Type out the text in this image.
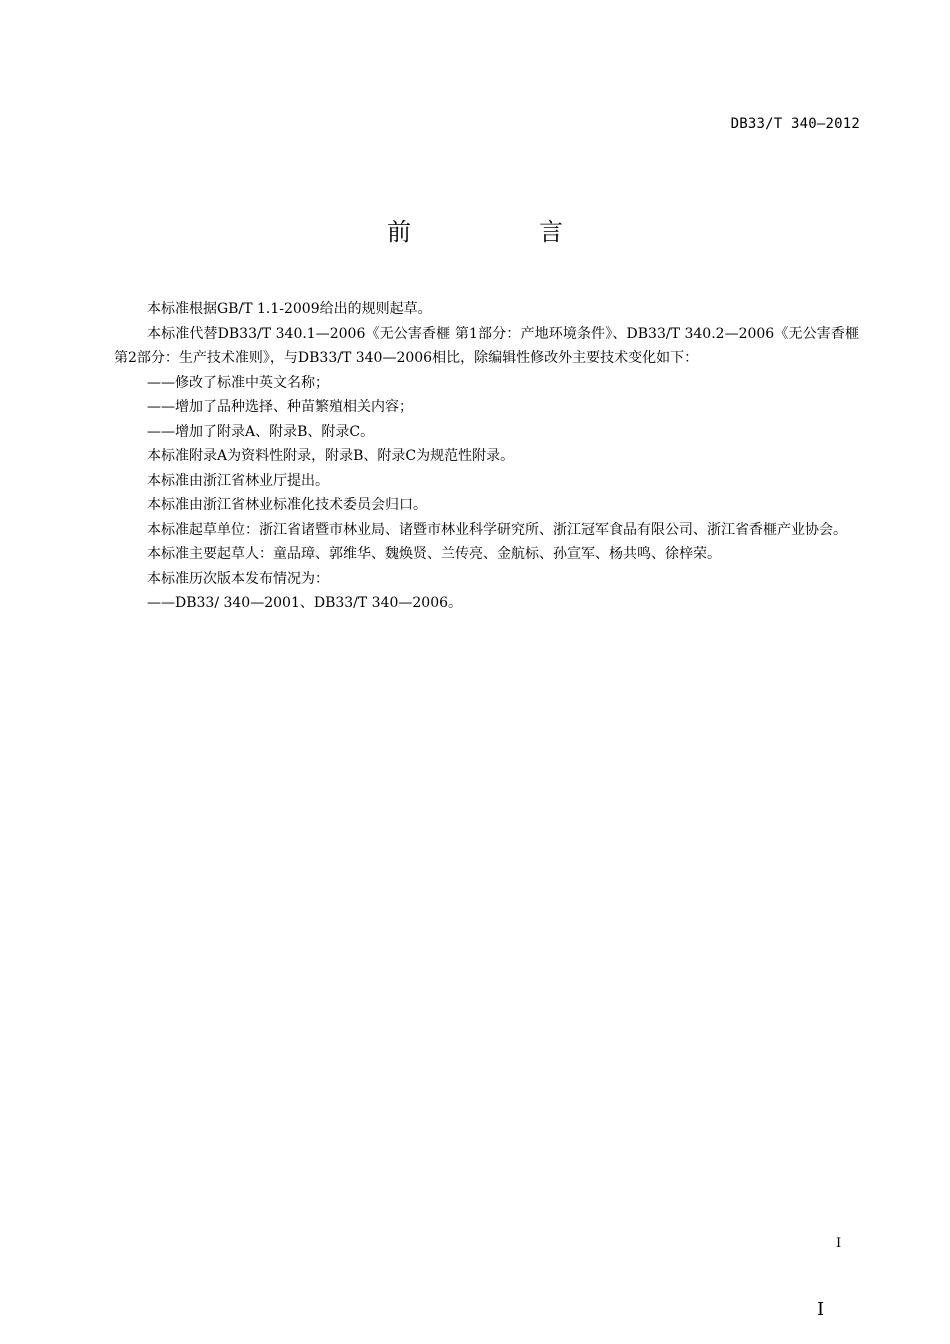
DB33/T 340—2012
前　言

本标准根据GB/T 1.1-2009给出的规则起草。

本标准代替DB33/T 340.1—2006《无公害香榧 第1部分：产地环境条件》、DB33/T 340.2—2006《无公害香榧 第2部分：生产技术准则》，与DB33/T 340—2006相比，除编辑性修改外主要技术变化如下：

——修改了标准中英文名称；

——增加了品种选择、种苗繁殖相关内容；

——增加了附录A、附录B、附录C。

本标准附录A为资料性附录，附录B、附录C为规范性附录。

本标准由浙江省林业厅提出。

本标准由浙江省林业标准化技术委员会归口。

本标准起草单位：浙江省诸暨市林业局、诸暨市林业科学研究所、浙江冠军食品有限公司、浙江省香榧产业协会。

本标准主要起草人：童品璋、郭维华、魏焕贤、兰传亮、金航标、孙宣军、杨共鸣、徐梓荣。

本标准历次版本发布情况为：

——DB33/ 340—2001、DB33/T 340—2006。

I
I
